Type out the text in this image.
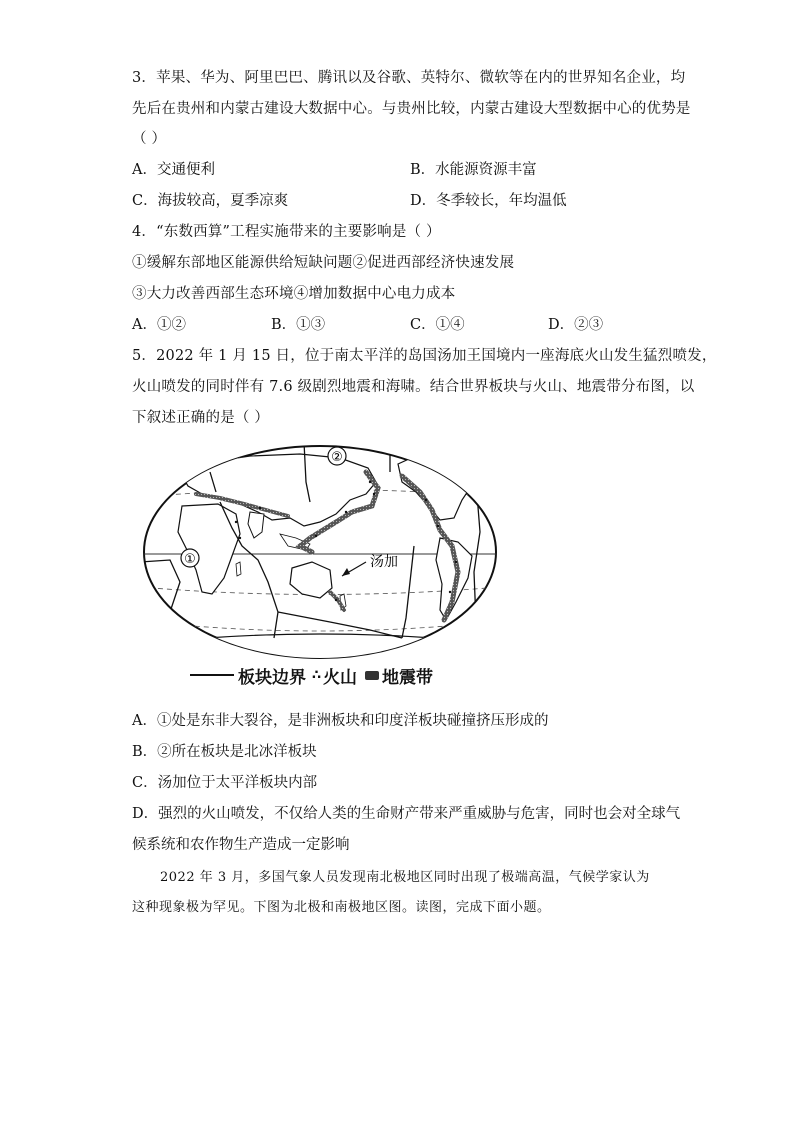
3．苹果、华为、阿里巴巴、腾讯以及谷歌、英特尔、微软等在内的世界知名企业，均
先后在贵州和内蒙古建设大数据中心。与贵州比较，内蒙古建设大型数据中心的优势是
（ ）
A．交通便利	B．水能源资源丰富
C．海拔较高，夏季凉爽	D．冬季较长，年均温低
4．“东数西算”工程实施带来的主要影响是（ ）
①缓解东部地区能源供给短缺问题②促进西部经济快速发展
③大力改善西部生态环境④增加数据中心电力成本
A．①②	B．①③	C．①④	D．②③
5．2022 年 1 月 15 日，位于南太平洋的岛国汤加王国境内一座海底火山发生猛烈喷发，
火山喷发的同时伴有 7.6 级剧烈地震和海啸。结合世界板块与火山、地震带分布图，以
下叙述正确的是（ ）
①
②
汤加
板块边界 ∴ 火山 地震带
A．①处是东非大裂谷，是非洲板块和印度洋板块碰撞挤压形成的
B．②所在板块是北冰洋板块
C．汤加位于太平洋板块内部
D．强烈的火山喷发，不仅给人类的生命财产带来严重威胁与危害，同时也会对全球气
候系统和农作物生产造成一定影响
2022 年 3 月，多国气象人员发现南北极地区同时出现了极端高温，气候学家认为
这种现象极为罕见。下图为北极和南极地区图。读图，完成下面小题。
